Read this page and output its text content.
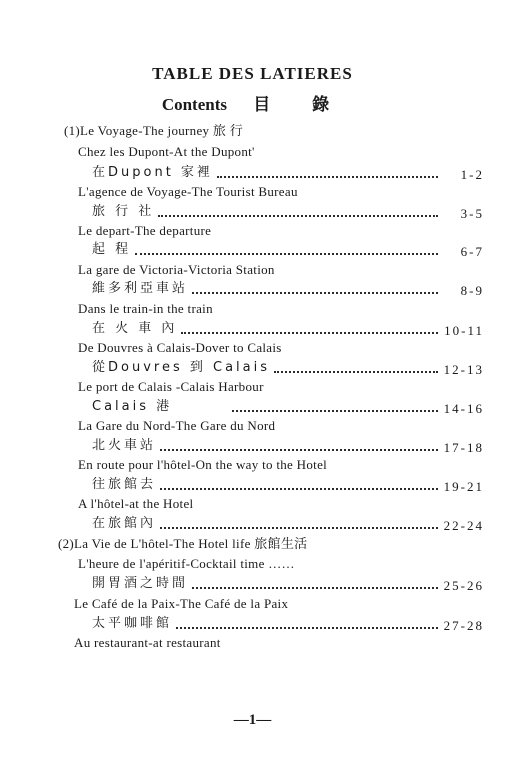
TABLE DES LATIERES
Contents 目 錄
(1)Le Voyage-The journey 旅 行
Chez les Dupont-At the Dupont'
在Dupont 家裡	1-2
L'agence de Voyage-The Tourist Bureau
旅 行 社	3-5
Le depart-The departure
起 程	6-7
La gare de Victoria-Victoria Station
維多利亞車站	8-9
Dans le train-in the train
在 火 車 內	10-11
De Douvres à Calais-Dover to Calais
從Douvres 到 Calais	12-13
Le port de Calais -Calais Harbour
Calais 港	14-16
La Gare du Nord-The Gare du Nord
北火車站	17-18
En route pour l'hôtel-On the way to the Hotel
往旅館去	19-21
A l'hôtel-at the Hotel
在旅館內	22-24
(2)La Vie de L'hôtel-The Hotel life 旅館生活
L'heure de l'apéritif-Cocktail time ……
開胃酒之時間	25-26
Le Café de la Paix-The Café de la Paix
太平咖啡館	27-28
Au restaurant-at restaurant
—1—
